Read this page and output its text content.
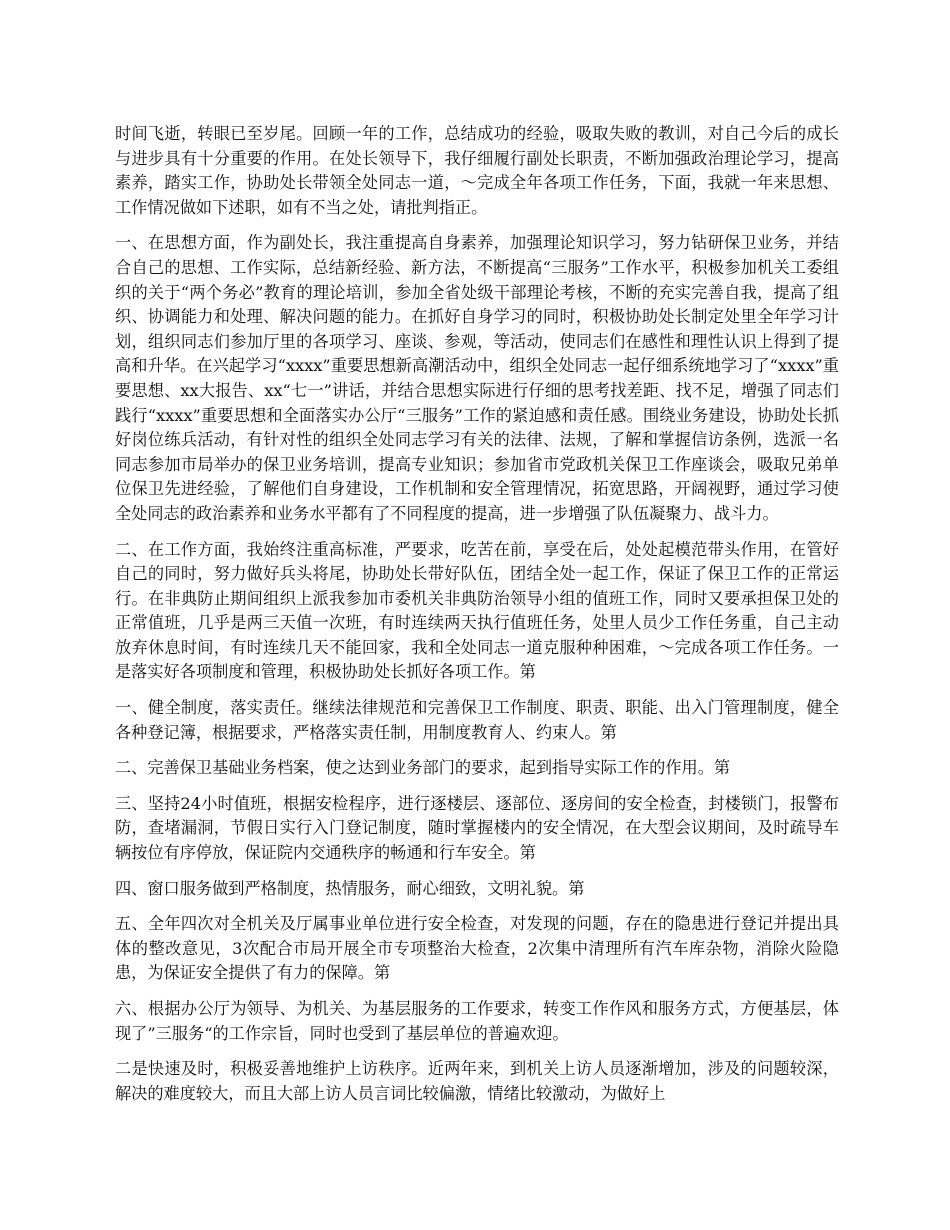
时间飞逝，转眼已至岁尾。回顾一年的工作，总结成功的经验，吸取失败的教训，对自己今后的成长与进步具有十分重要的作用。在处长领导下，我仔细履行副处长职责，不断加强政治理论学习，提高素养，踏实工作，协助处长带领全处同志一道，～完成全年各项工作任务，下面，我就一年来思想、工作情况做如下述职，如有不当之处，请批判指正。

一、在思想方面，作为副处长，我注重提高自身素养，加强理论知识学习，努力钻研保卫业务，并结合自己的思想、工作实际，总结新经验、新方法，不断提高“三服务”工作水平，积极参加机关工委组织的关于“两个务必”教育的理论培训，参加全省处级干部理论考核，不断的充实完善自我，提高了组织、协调能力和处理、解决问题的能力。在抓好自身学习的同时，积极协助处长制定处里全年学习计划，组织同志们参加厅里的各项学习、座谈、参观，等活动，使同志们在感性和理性认识上得到了提高和升华。在兴起学习“xxxx”重要思想新高潮活动中，组织全处同志一起仔细系统地学习了“xxxx”重要思想、xx大报告、xx“七一”讲话，并结合思想实际进行仔细的思考找差距、找不足，增强了同志们践行“xxxx”重要思想和全面落实办公厅“三服务”工作的紧迫感和责任感。围绕业务建设，协助处长抓好岗位练兵活动，有针对性的组织全处同志学习有关的法律、法规，了解和掌握信访条例，选派一名同志参加市局举办的保卫业务培训，提高专业知识；参加省市党政机关保卫工作座谈会，吸取兄弟单位保卫先进经验，了解他们自身建设，工作机制和安全管理情况，拓宽思路，开阔视野，通过学习使全处同志的政治素养和业务水平都有了不同程度的提高，进一步增强了队伍凝聚力、战斗力。

二、在工作方面，我始终注重高标准，严要求，吃苦在前，享受在后，处处起模范带头作用，在管好自己的同时，努力做好兵头将尾，协助处长带好队伍，团结全处一起工作，保证了保卫工作的正常运行。在非典防止期间组织上派我参加市委机关非典防治领导小组的值班工作，同时又要承担保卫处的正常值班，几乎是两三天值一次班，有时连续两天执行值班任务，处里人员少工作任务重，自己主动放弃休息时间，有时连续几天不能回家，我和全处同志一道克服种种困难，～完成各项工作任务。一是落实好各项制度和管理，积极协助处长抓好各项工作。第

一、健全制度，落实责任。继续法律规范和完善保卫工作制度、职责、职能、出入门管理制度，健全各种登记簿，根据要求，严格落实责任制，用制度教育人、约束人。第

二、完善保卫基础业务档案，使之达到业务部门的要求，起到指导实际工作的作用。第

三、坚持24小时值班，根据安检程序，进行逐楼层、逐部位、逐房间的安全检查，封楼锁门，报警布防，查堵漏洞，节假日实行入门登记制度，随时掌握楼内的安全情况，在大型会议期间，及时疏导车辆按位有序停放，保证院内交通秩序的畅通和行车安全。第

四、窗口服务做到严格制度，热情服务，耐心细致，文明礼貌。第

五、全年四次对全机关及厅属事业单位进行安全检查，对发现的问题，存在的隐患进行登记并提出具体的整改意见，3次配合市局开展全市专项整治大检查，2次集中清理所有汽车库杂物，消除火险隐患，为保证安全提供了有力的保障。第

六、根据办公厅为领导、为机关、为基层服务的工作要求，转变工作作风和服务方式，方便基层，体现了”三服务“的工作宗旨，同时也受到了基层单位的普遍欢迎。

二是快速及时，积极妥善地维护上访秩序。近两年来，到机关上访人员逐渐增加，涉及的问题较深，解决的难度较大，而且大部上访人员言词比较偏激，情绪比较激动，为做好上
